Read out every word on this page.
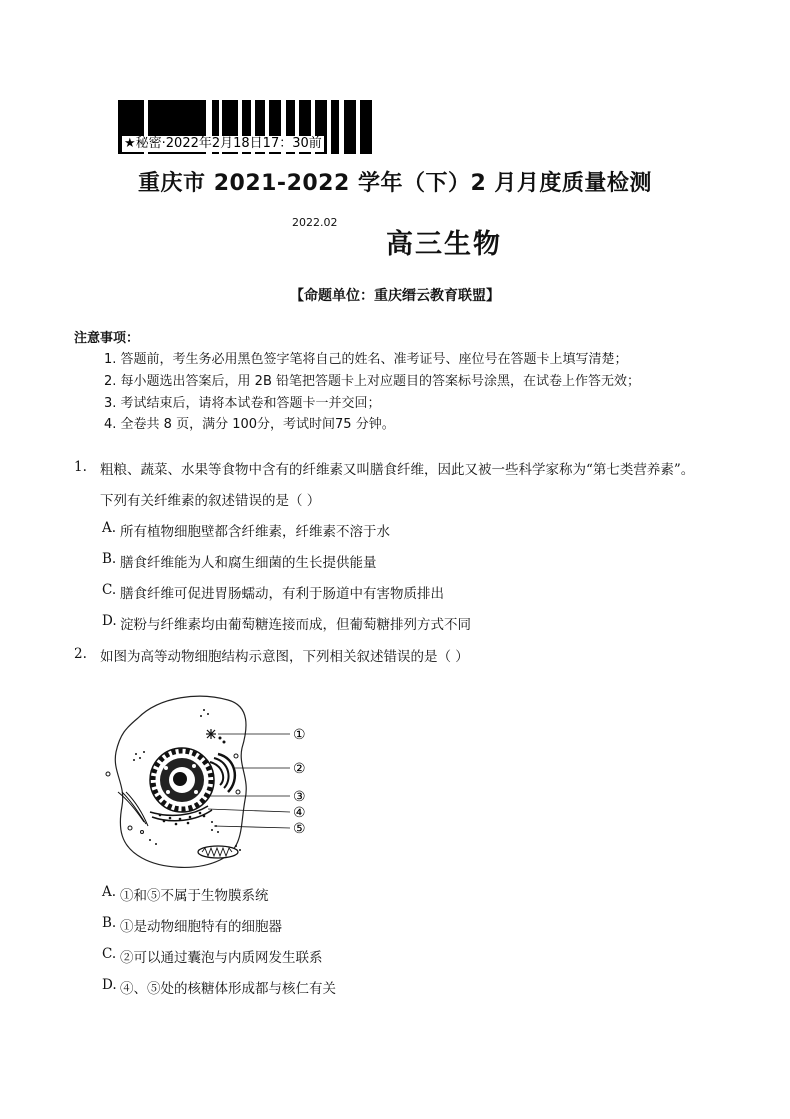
★秘密·2022年2月18日17：30前
重庆市 2021-2022 学年（下）2 月月度质量检测
2022.02
高三生物
【命题单位：重庆缙云教育联盟】
注意事项：
1. 答题前，考生务必用黑色签字笔将自己的姓名、准考证号、座位号在答题卡上填写清楚；
2. 每小题选出答案后，用 2B 铅笔把答题卡上对应题目的答案标号涂黑，在试卷上作答无效；
3. 考试结束后，请将本试卷和答题卡一并交回；
4. 全卷共 8 页，满分 100分，考试时间75 分钟。
1. 粗粮、蔬菜、水果等食物中含有的纤维素又叫膳食纤维，因此又被一些科学家称为“第七类营养素”。
下列有关纤维素的叙述错误的是（ ）
A. 所有植物细胞壁都含纤维素，纤维素不溶于水
B. 膳食纤维能为人和腐生细菌的生长提供能量
C. 膳食纤维可促进胃肠蠕动，有利于肠道中有害物质排出
D. 淀粉与纤维素均由葡萄糖连接而成，但葡萄糖排列方式不同
2. 如图为高等动物细胞结构示意图，下列相关叙述错误的是（ ）
①
②
③
④
⑤
A. ①和⑤不属于生物膜系统
B. ①是动物细胞特有的细胞器
C. ②可以通过囊泡与内质网发生联系
D. ④、⑤处的核糖体形成都与核仁有关
